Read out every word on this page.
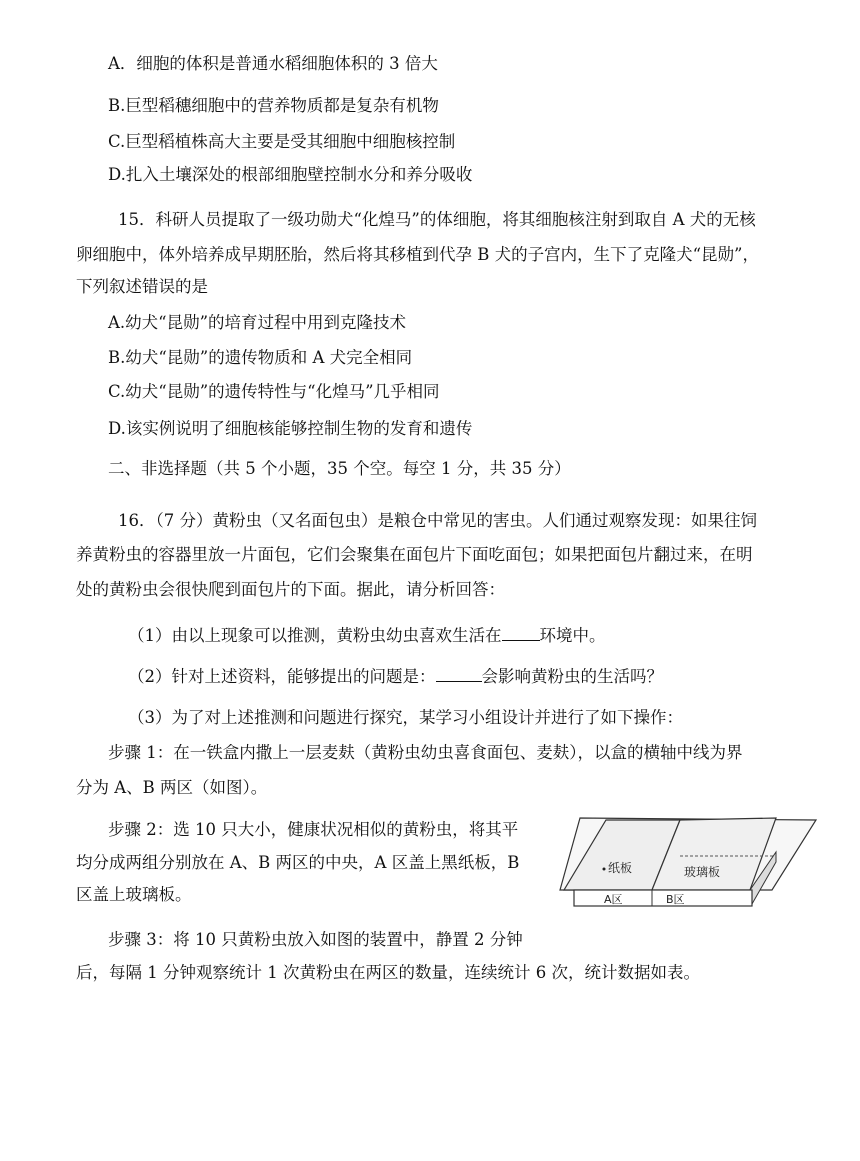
A．细胞的体积是普通水稻细胞体积的 3 倍大
B.巨型稻穗细胞中的营养物质都是复杂有机物
C.巨型稻植株高大主要是受其细胞中细胞核控制
D.扎入土壤深处的根部细胞壁控制水分和养分吸收
15．科研人员提取了一级功勋犬“化煌马”的体细胞，将其细胞核注射到取自 A 犬的无核
卵细胞中，体外培养成早期胚胎，然后将其移植到代孕 B 犬的子宫内，生下了克隆犬“昆勋”，
下列叙述错误的是
A.幼犬“昆勋”的培育过程中用到克隆技术
B.幼犬“昆勋”的遗传物质和 A 犬完全相同
C.幼犬“昆勋”的遗传特性与“化煌马”几乎相同
D.该实例说明了细胞核能够控制生物的发育和遗传
二、非选择题（共 5 个小题，35 个空。每空 1 分，共 35 分）
16．（7 分）黄粉虫（又名面包虫）是粮仓中常见的害虫。人们通过观察发现：如果往饲
养黄粉虫的容器里放一片面包，它们会聚集在面包片下面吃面包；如果把面包片翻过来，在明
处的黄粉虫会很快爬到面包片的下面。据此，请分析回答：
（1）由以上现象可以推测，黄粉虫幼虫喜欢生活在 环境中。
（2）针对上述资料，能够提出的问题是：	会影响黄粉虫的生活吗？
（3）为了对上述推测和问题进行探究，某学习小组设计并进行了如下操作：
步骤 1：在一铁盒内撒上一层麦麸（黄粉虫幼虫喜食面包、麦麸），以盒的横轴中线为界
分为 A、B 两区（如图）。
步骤 2：选 10 只大小，健康状况相似的黄粉虫，将其平
均分成两组分别放在 A、B 两区的中央，A 区盖上黑纸板，B
区盖上玻璃板。
步骤 3：将 10 只黄粉虫放入如图的装置中，静置 2 分钟
后，每隔 1 分钟观察统计 1 次黄粉虫在两区的数量，连续统计 6 次，统计数据如表。
纸板	玻璃板
A区	B区
